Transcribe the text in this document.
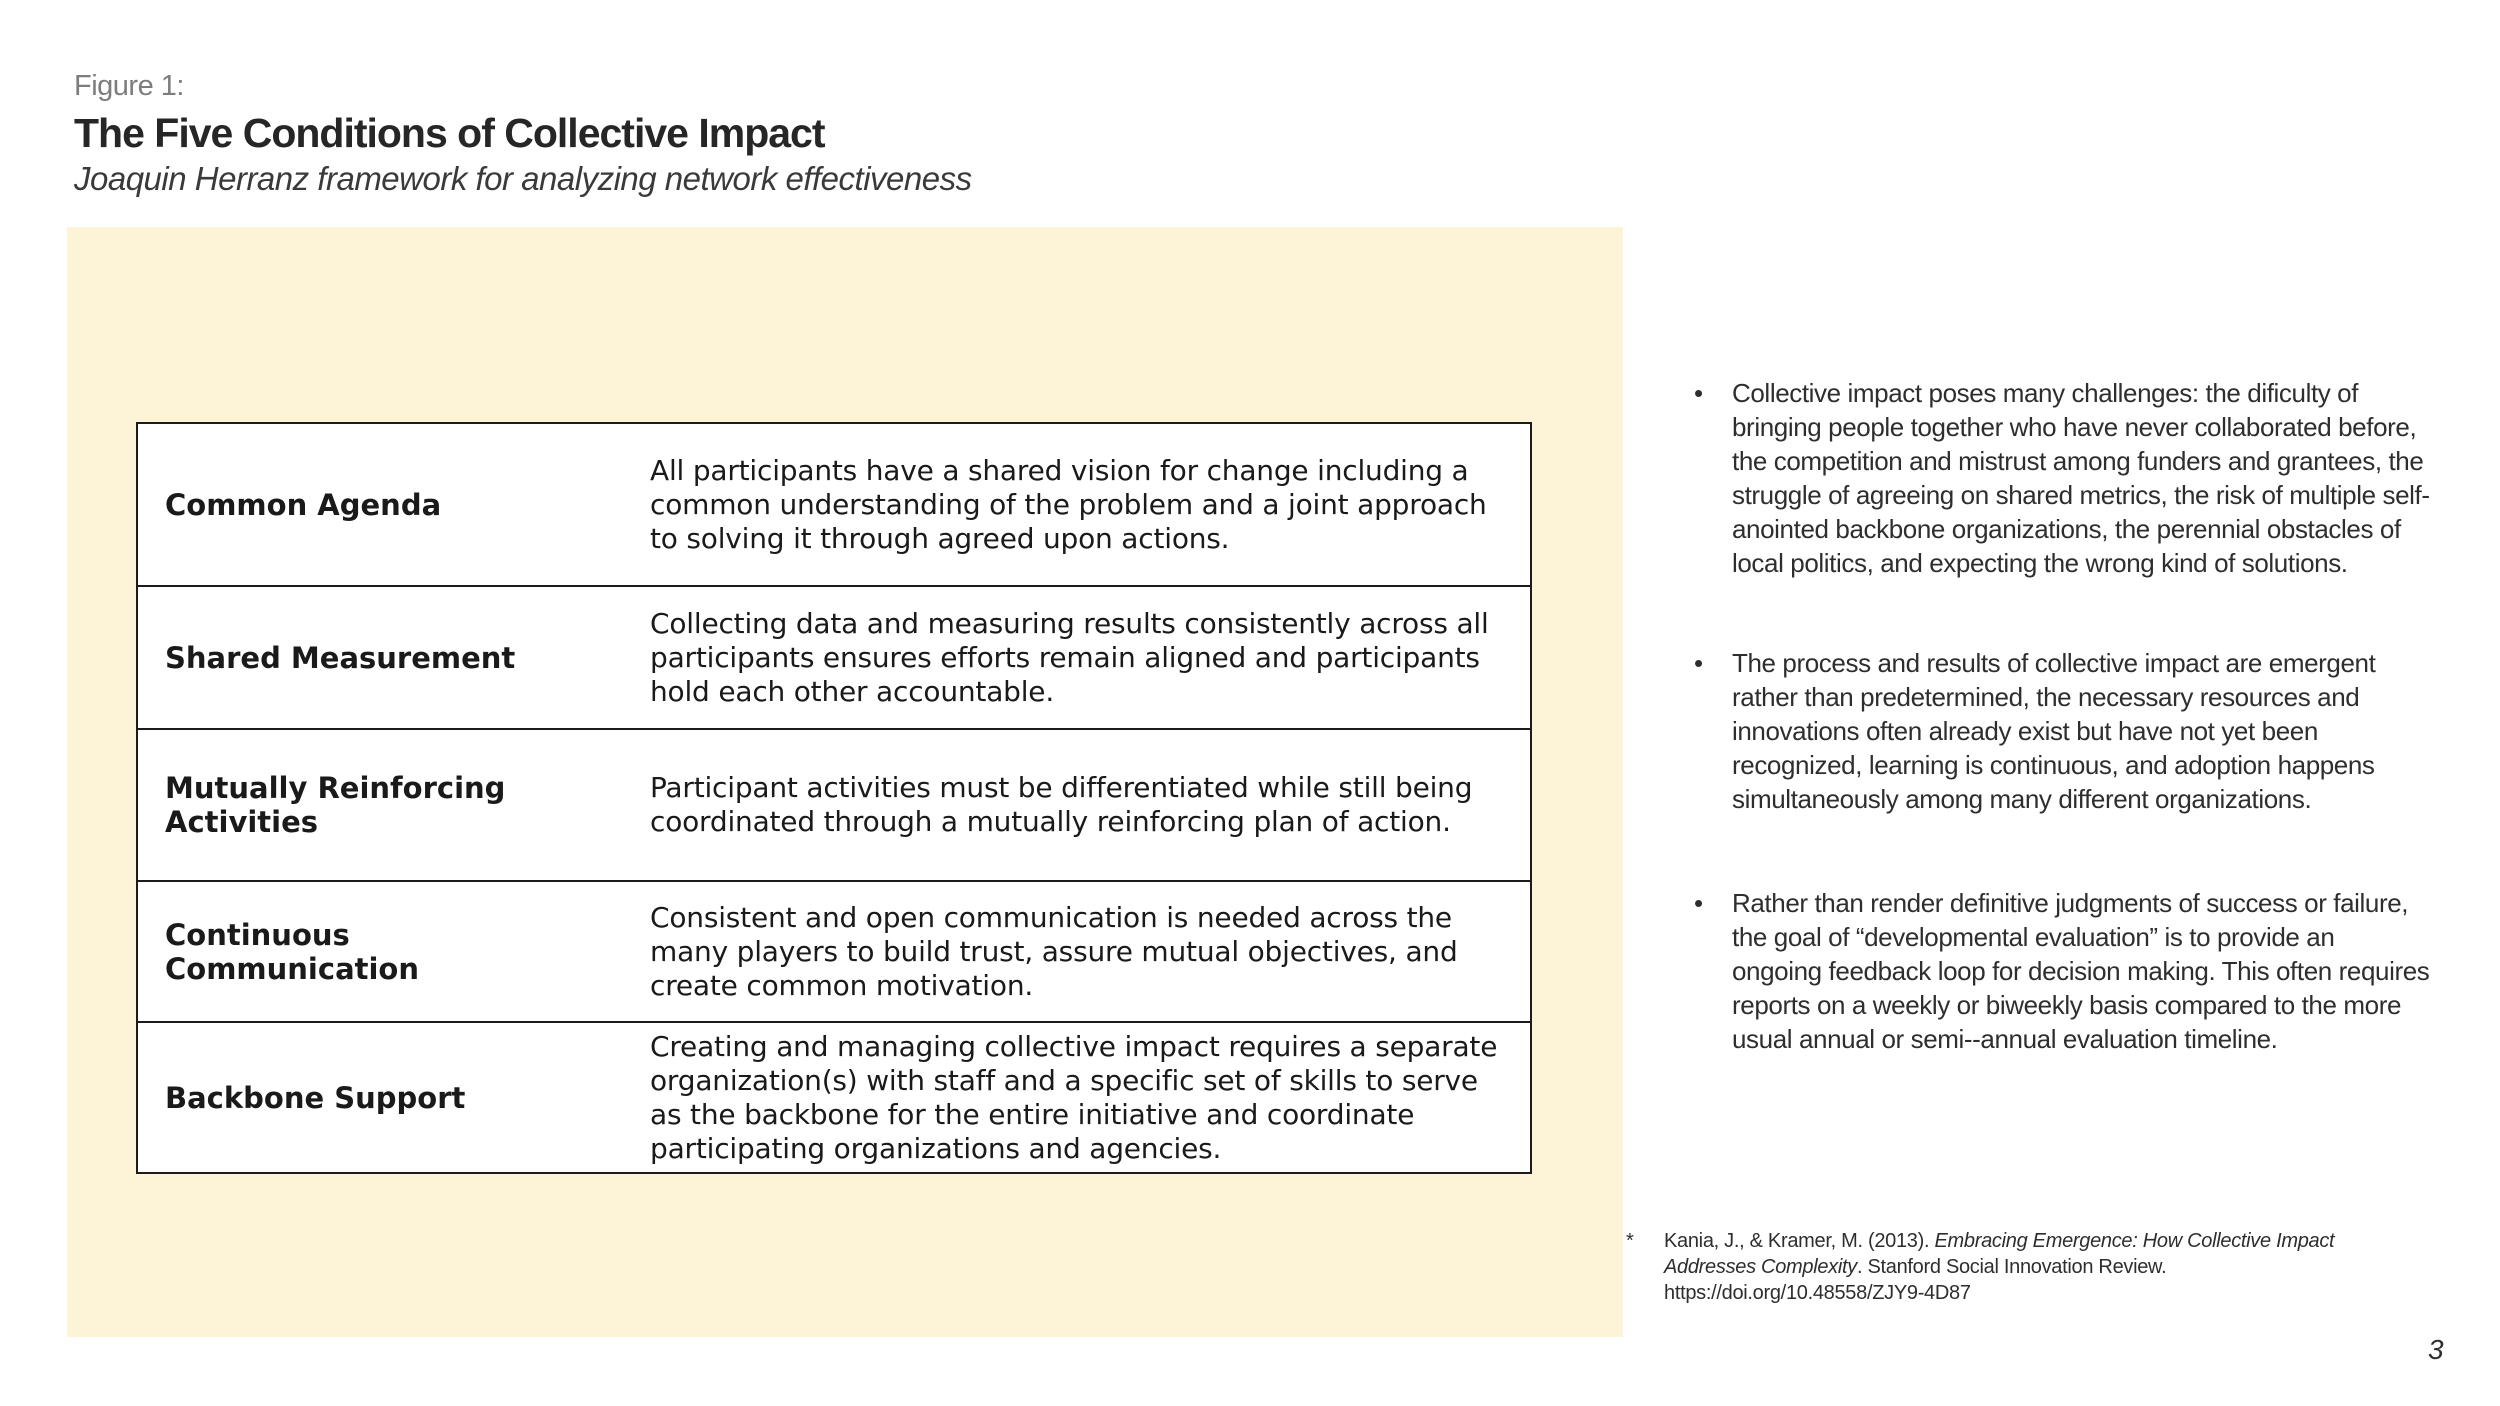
Figure 1:
The Five Conditions of Collective Impact
Joaquin Herranz framework for analyzing network effectiveness
Common Agenda
All participants have a shared vision for change including a common understanding of the problem and a joint approach to solving it through agreed upon actions.
Shared Measurement
Collecting data and measuring results consistently across all participants ensures efforts remain aligned and participants hold each other accountable.
Mutually Reinforcing Activities
Participant activities must be differentiated while still being coordinated through a mutually reinforcing plan of action.
Continuous Communication
Consistent and open communication is needed across the many players to build trust, assure mutual objectives, and create common motivation.
Backbone Support
Creating and managing collective impact requires a separate organization(s) with staff and a specific set of skills to serve as the backbone for the entire initiative and coordinate participating organizations and agencies.
• Collective impact poses many challenges: the dificulty of bringing people together who have never collaborated before, the competition and mistrust among funders and grantees, the struggle of agreeing on shared metrics, the risk of multiple self-anointed backbone organizations, the perennial obstacles of local politics, and expecting the wrong kind of solutions.
• The process and results of collective impact are emergent rather than predetermined, the necessary resources and innovations often already exist but have not yet been recognized, learning is continuous, and adoption happens simultaneously among many different organizations.
• Rather than render definitive judgments of success or failure, the goal of “developmental evaluation” is to provide an ongoing feedback loop for decision making. This often requires reports on a weekly or biweekly basis compared to the more usual annual or semi--annual evaluation timeline.
* Kania, J., & Kramer, M. (2013). Embracing Emergence: How Collective Impact Addresses Complexity. Stanford Social Innovation Review.
https://doi.org/10.48558/ZJY9-4D87
3
